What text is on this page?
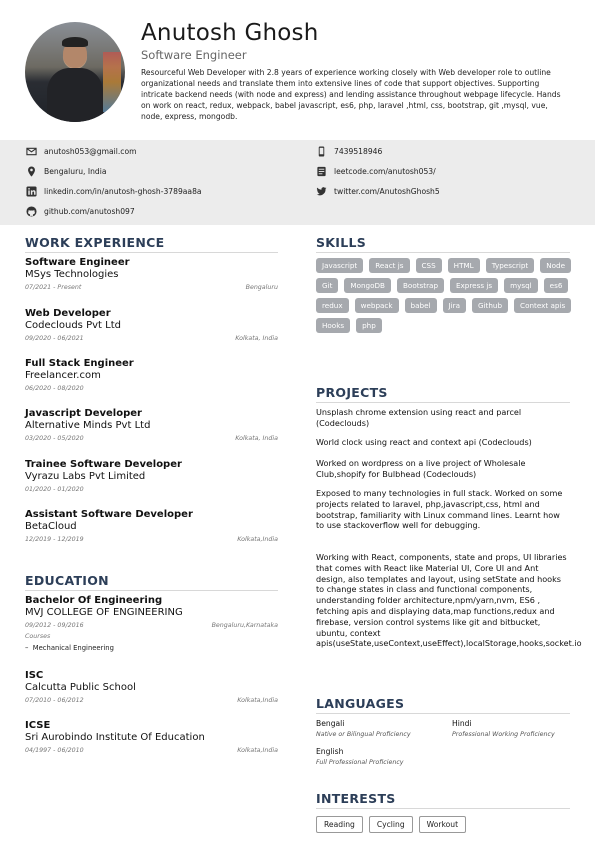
Anutosh Ghosh
Software Engineer
Resourceful Web Developer with 2.8 years of experience working closely with Web developer role to outline organizational needs and translate them into extensive lines of code that support objectives. Supporting intricate backend needs (with node and express) and lending assistance throughout webpage lifecycle. Hands on work on react, redux, webpack, babel javascript, es6, php, laravel ,html, css, bootstrap, git ,mysql, vue, node, express, mongodb.
anutosh053@gmail.com	7439518946
Bengaluru, India	leetcode.com/anutosh053/
linkedin.com/in/anutosh-ghosh-3789aa8a	twitter.com/AnutoshGhosh5
github.com/anutosh097
WORK EXPERIENCE
Software Engineer
MSys Technologies
07/2021 - Present	Bengaluru
Web Developer
Codeclouds Pvt Ltd
09/2020 - 06/2021	Kolkata, India
Full Stack Engineer
Freelancer.com
06/2020 - 08/2020
Javascript Developer
Alternative Minds Pvt Ltd
03/2020 - 05/2020	Kolkata, India
Trainee Software Developer
Vyrazu Labs Pvt Limited
01/2020 - 01/2020
Assistant Software Developer
BetaCloud
12/2019 - 12/2019	Kolkata,India
EDUCATION
Bachelor Of Engineering
MVJ COLLEGE OF ENGINEERING
09/2012 - 09/2016	Bengaluru,Karnataka
Courses
–  Mechanical Engineering
ISC
Calcutta Public School
07/2010 - 06/2012	Kolkata,India
ICSE
Sri Aurobindo Institute Of Education
04/1997 - 06/2010	Kolkata,India
SKILLS
Javascript	React js	CSS	HTML	Typescript	Node
Git	MongoDB	Bootstrap	Express js	mysql	es6
redux	webpack	babel	Jira	Github	Context apis
Hooks	php
PROJECTS
Unsplash chrome extension using react and parcel (Codeclouds)
World clock using react and context api (Codeclouds)
Worked on wordpress on a live project of Wholesale Club,shopify for Bulbhead (Codeclouds)
Exposed to many technologies in full stack. Worked on some projects related to laravel, php,javascript,css, html and bootstrap, familiarity with Linux command lines. Learnt how to use stackoverflow well for debugging.
Working with React, components, state and props, UI libraries that comes with React like Material UI, Core UI and Ant design, also templates and layout, using setState and hooks to change states in class and functional components, understanding folder architecture,npm/yarn,nvm, ES6 , fetching apis and displaying data,map functions,redux and firebase, version control systems like git and bitbucket, ubuntu, context apis(useState,useContext,useEffect),localStorage,hooks,socket.io
LANGUAGES
Bengali
Native or Bilingual Proficiency
Hindi
Professional Working Proficiency
English
Full Professional Proficiency
INTERESTS
Reading	Cycling	Workout
